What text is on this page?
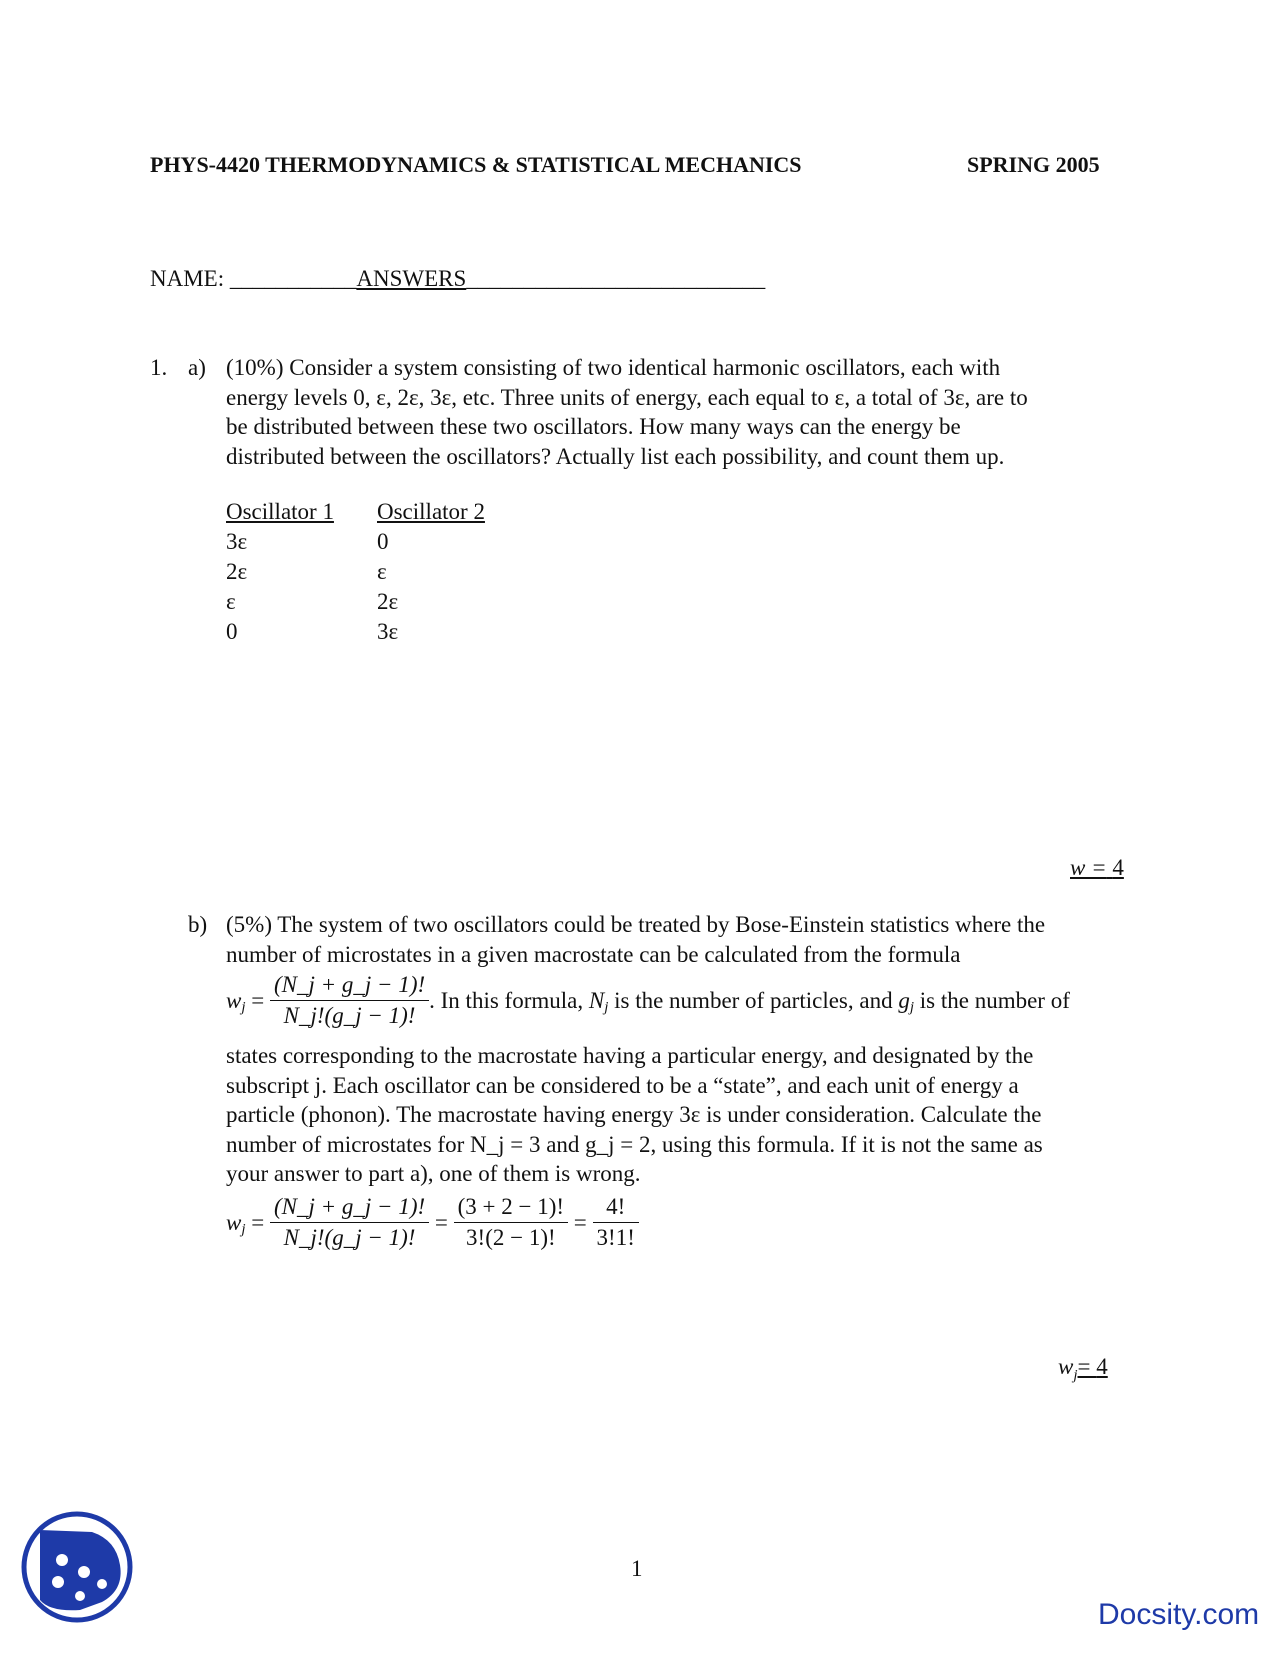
PHYS-4420 THERMODYNAMICS & STATISTICAL MECHANICS	SPRING 2005
NAME: ___________ANSWERS__________________________
1. a) (10%) Consider a system consisting of two identical harmonic oscillators, each with
energy levels 0, ε, 2ε, 3ε, etc. Three units of energy, each equal to ε, a total of 3ε, are to
be distributed between these two oscillators. How many ways can the energy be
distributed between the oscillators? Actually list each possibility, and count them up.
Oscillator 1
3ε
2ε
ε
0
Oscillator 2
0
ε
2ε
3ε
w = 4
b) (5%) The system of two oscillators could be treated by Bose-Einstein statistics where the
number of microstates in a given macrostate can be calculated from the formula
$w_j = \frac{(N\_j + g\_j - 1)!}{N\_j!(g\_j - 1)!}$ . In this formula, $N_j$ is the number of particles, and $g_j$ is the number of
states corresponding to the macrostate having a particular energy, and designated by the
subscript j. Each oscillator can be considered to be a “state”, and each unit of energy a
particle (phonon). The macrostate having energy 3ε is under consideration. Calculate the
number of microstates for N_j = 3 and g_j = 2, using this formula. If it is not the same as
your answer to part a), one of them is wrong.
$w_j = \frac{(N\_j + g\_j - 1)!}{N\_j!(g\_j - 1)!} = \frac{(3 + 2 - 1)!}{3!(2 - 1)!} = \frac{4!}{3!1!}$
$w_j= 4$
1
Docsity.com
